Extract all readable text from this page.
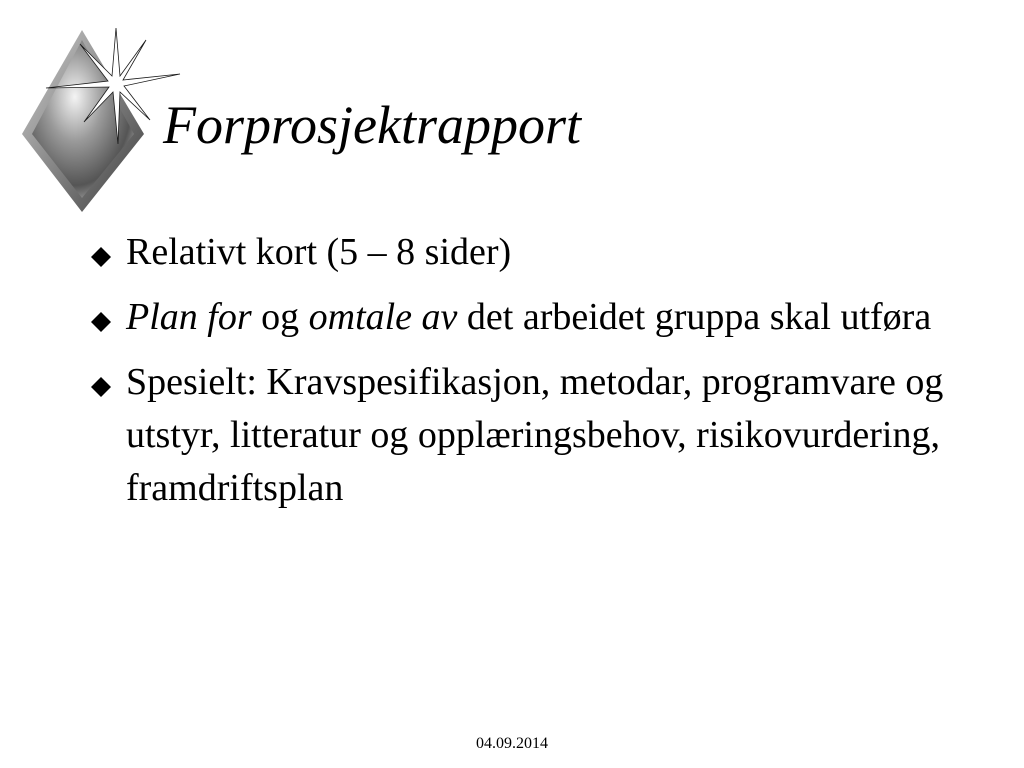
Forprosjektrapport
Relativt kort (5 – 8 sider)
Plan for og omtale av det arbeidet gruppa skal utføra
Spesielt: Kravspesifikasjon, metodar, programvare og utstyr, litteratur og opplæringsbehov, risikovurdering, framdriftsplan
04.09.2014
